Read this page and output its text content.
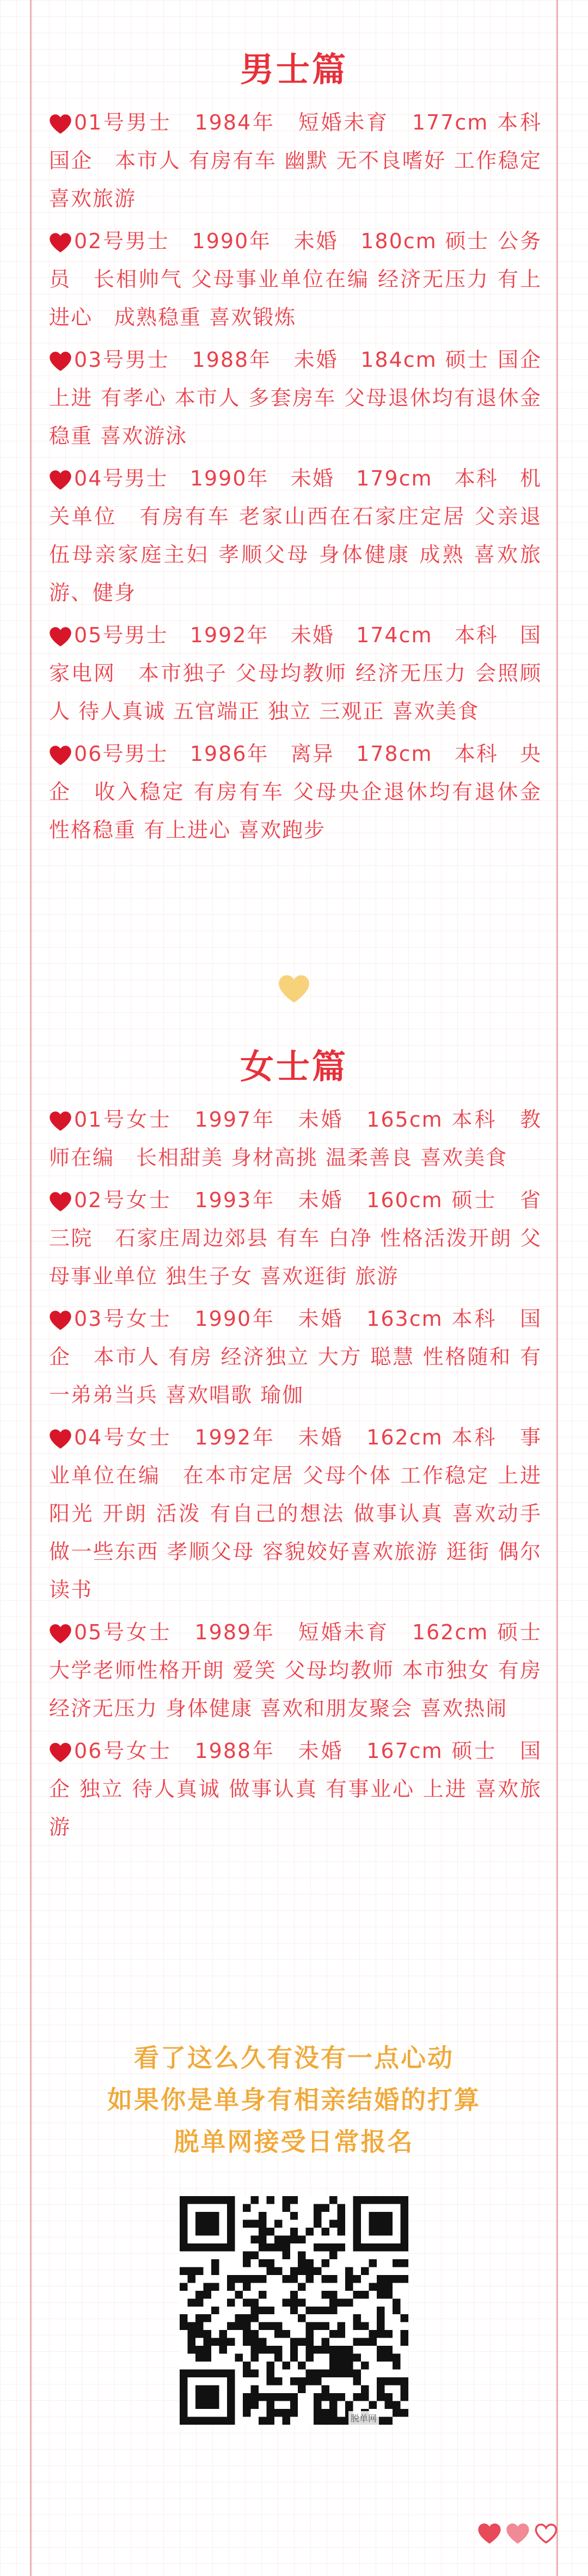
男士篇
01号男士　1984年　短婚未育　177cm 本科　国企　本市人 有房有车 幽默 无不良嗜好 工作稳定 喜欢旅游
02号男士　1990年　未婚　180cm 硕士 公务员　长相帅气 父母事业单位在编 经济无压力 有上进心　成熟稳重 喜欢锻炼
03号男士　1988年　未婚　184cm 硕士 国企 上进 有孝心 本市人 多套房车 父母退休均有退休金 稳重 喜欢游泳
04号男士　1990年　未婚　179cm　本科　机关单位　有房有车 老家山西在石家庄定居 父亲退伍母亲家庭主妇 孝顺父母 身体健康 成熟 喜欢旅游、健身
05号男士　1992年　未婚　174cm　本科　国家电网　本市独子 父母均教师 经济无压力 会照顾人 待人真诚 五官端正 独立 三观正 喜欢美食
06号男士　1986年　离异　178cm　本科　央企　收入稳定 有房有车 父母央企退休均有退休金 性格稳重 有上进心 喜欢跑步
女士篇
01号女士　1997年　未婚　165cm 本科　教师在编　长相甜美 身材高挑 温柔善良 喜欢美食
02号女士　1993年　未婚　160cm 硕士　省三院　石家庄周边郊县 有车 白净 性格活泼开朗 父母事业单位 独生子女 喜欢逛街 旅游
03号女士　1990年　未婚　163cm 本科　国企　本市人 有房 经济独立 大方 聪慧 性格随和 有一弟弟当兵 喜欢唱歌 瑜伽
04号女士　1992年　未婚　162cm 本科　事业单位在编　在本市定居 父母个体 工作稳定 上进 阳光 开朗 活泼 有自己的想法 做事认真 喜欢动手做一些东西 孝顺父母 容貌姣好喜欢旅游 逛街 偶尔读书
05号女士　1989年　短婚未育　162cm 硕士　大学老师性格开朗 爱笑 父母均教师 本市独女 有房 经济无压力 身体健康 喜欢和朋友聚会 喜欢热闹
06号女士　1988年　未婚　167cm 硕士　国企 独立 待人真诚 做事认真 有事业心 上进 喜欢旅游
看了这么久有没有一点心动
如果你是单身有相亲结婚的打算
脱单网接受日常报名
脱单网
